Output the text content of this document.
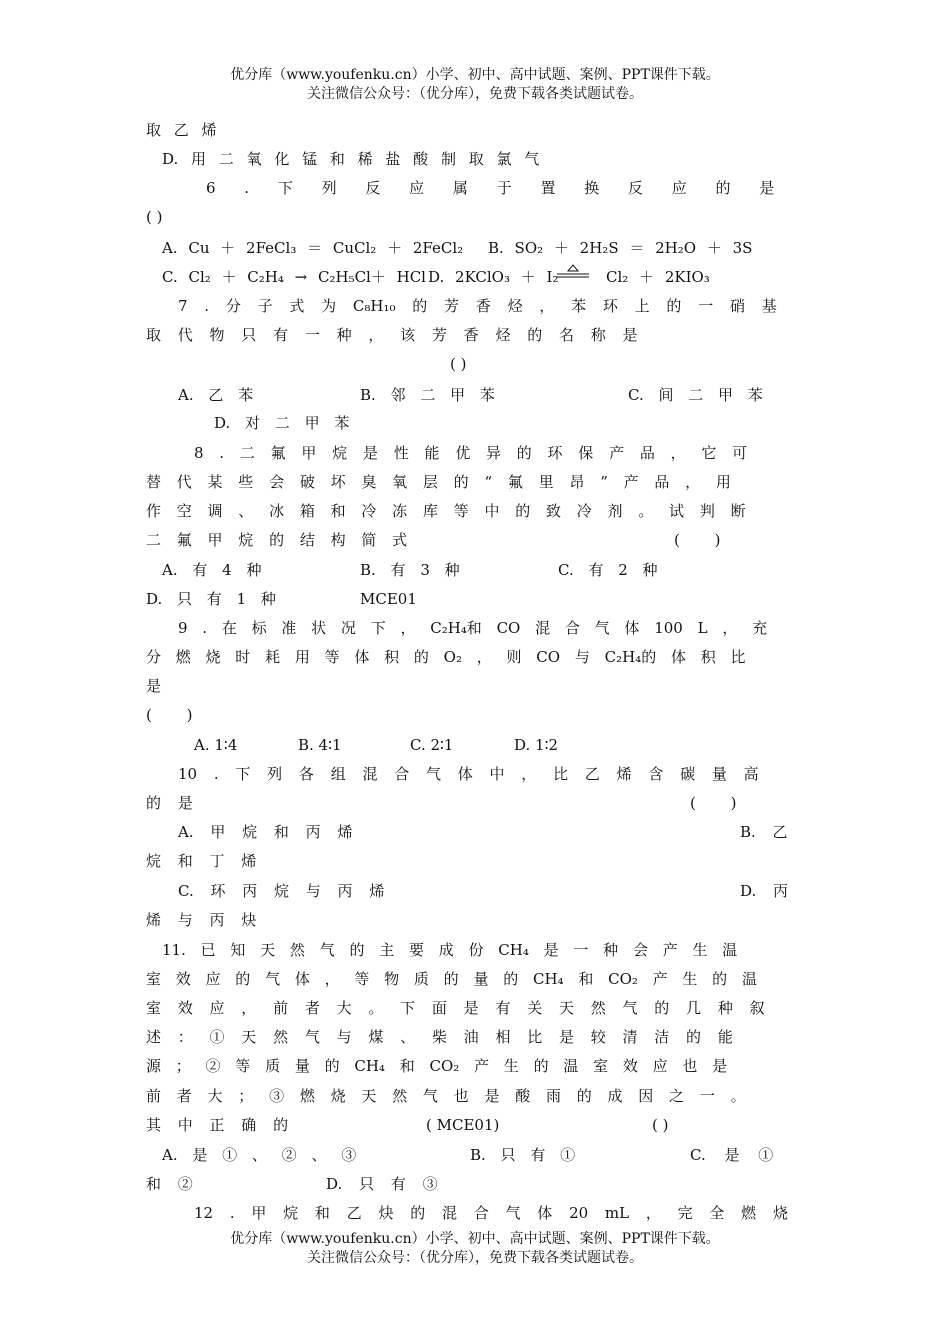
优分库（www.youfenku.cn）小学、初中、高中试题、案例、PPT课件下载。
关注微信公众号：（优分库），免费下载各类试题试卷。
取 乙 烯
D. 用 二 氧 化 锰 和 稀 盐 酸 制 取 氯 气
6 . 下 列 反 应 属 于 置 换 反 应 的 是
( )
A. Cu ＋ 2FeCl₃ ＝ CuCl₂ ＋ 2FeCl₂ B. SO₂ ＋ 2H₂S ＝ 2H₂O ＋ 3S
C. Cl₂ ＋ C₂H₄ → C₂H₅Cl＋ HCl D. 2KClO₃ ＋ I₂	Cl₂ ＋ 2KIO₃
7 . 分 子 式 为 C₈H₁₀ 的 芳 香 烃 ， 苯 环 上 的 一 硝 基
取 代 物 只 有 一 种 ， 该 芳 香 烃 的 名 称 是
( )
A. 乙 苯	B. 邻 二 甲 苯	C. 间 二 甲 苯
D. 对 二 甲 苯
8 . 二 氟 甲 烷 是 性 能 优 异 的 环 保 产 品 ， 它 可
替 代 某 些 会 破 坏 臭 氧 层 的 “ 氟 里 昂 ” 产 品 ， 用
作 空 调 、 冰 箱 和 冷 冻 库 等 中 的 致 冷 剂 。 试 判 断
二 氟 甲 烷 的 结 构 简 式	(　　 )
A. 有 4 种	B. 有 3 种	C. 有 2 种
D. 只 有 1 种	MCE01
9 . 在 标 准 状 况 下 ， C₂H₄和 CO 混 合 气 体 100 L ， 充
分 燃 烧 时 耗 用 等 体 积 的 O₂ ， 则 CO 与 C₂H₄的 体 积 比
是
(　　 )
A. 1∶4	B. 4∶1	C. 2∶1	D. 1∶2
10 . 下 列 各 组 混 合 气 体 中 ， 比 乙 烯 含 碳 量 高
的 是	(　　 )
A. 甲 烷 和 丙 烯	B. 乙
烷 和 丁 烯
C. 环 丙 烷 与 丙 烯	D. 丙
烯 与 丙 炔
11. 已 知 天 然 气 的 主 要 成 份 CH₄ 是 一 种 会 产 生 温
室 效 应 的 气 体 ， 等 物 质 的 量 的 CH₄ 和 CO₂ 产 生 的 温
室 效 应 ， 前 者 大 。 下 面 是 有 关 天 然 气 的 几 种 叙
述 ： ① 天 然 气 与 煤 、 柴 油 相 比 是 较 清 洁 的 能
源 ； ② 等 质 量 的 CH₄ 和 CO₂ 产 生 的 温 室 效 应 也 是
前 者 大 ； ③ 燃 烧 天 然 气 也 是 酸 雨 的 成 因 之 一 。
其 中 正 确 的	( MCE01)	( )
A. 是 ① 、 ② 、 ③	B. 只 有 ①	C. 是 ①
和 ②	D. 只 有 ③
12 . 甲 烷 和 乙 炔 的 混 合 气 体 20 mL ， 完 全 燃 烧
优分库（www.youfenku.cn）小学、初中、高中试题、案例、PPT课件下载。
关注微信公众号：（优分库），免费下载各类试题试卷。
